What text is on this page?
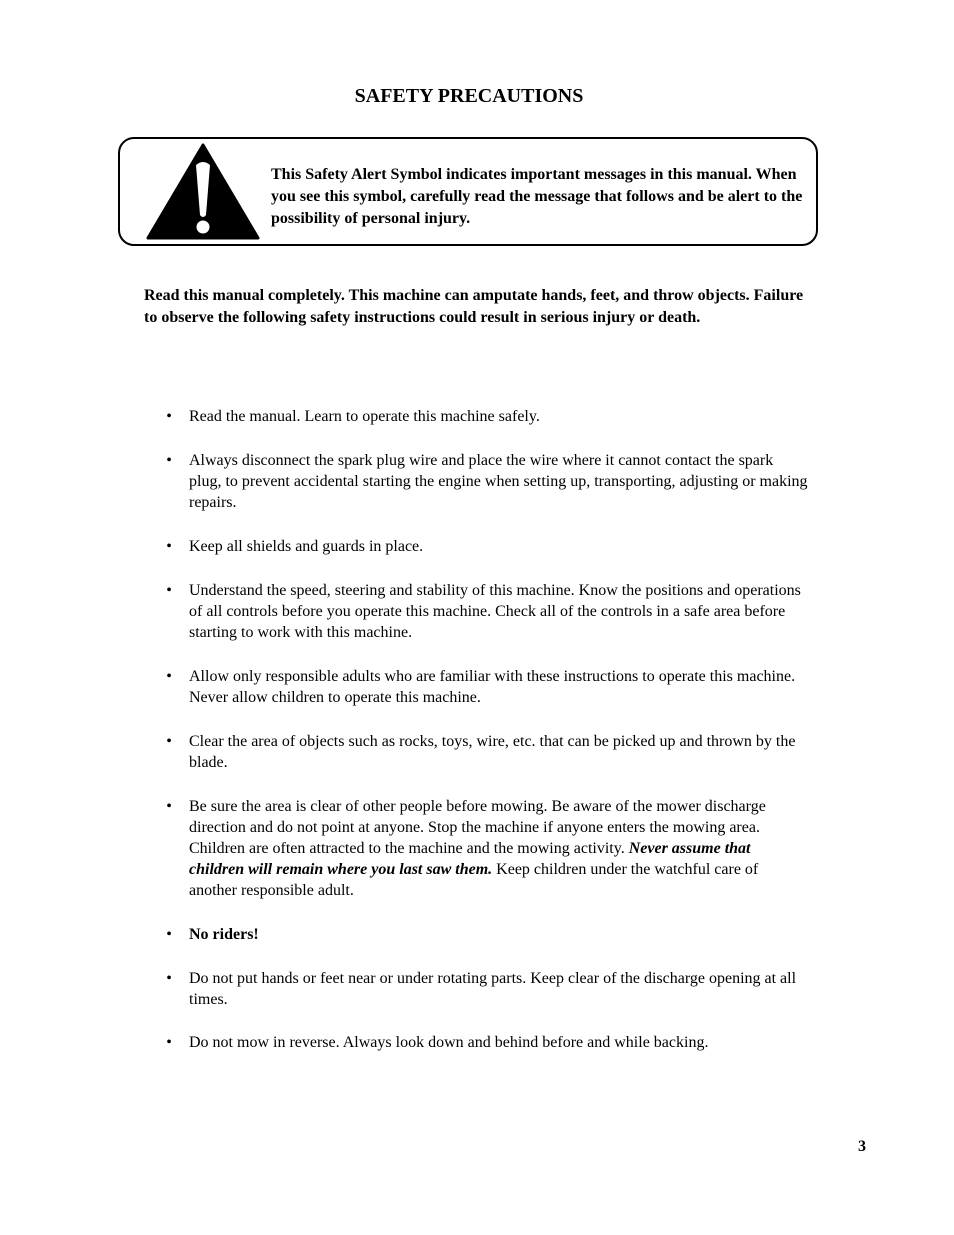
SAFETY PRECAUTIONS
This Safety Alert Symbol indicates important messages in this manual. When you see this symbol, carefully read the message that follows and be alert to the possibility of personal injury.
Read this manual completely. This machine can amputate hands, feet, and throw objects. Failure to observe the following safety instructions could result in serious injury or death.
• Read the manual. Learn to operate this machine safely.
• Always disconnect the spark plug wire and place the wire where it cannot contact the spark plug, to prevent accidental starting the engine when setting up, transporting, adjusting or making repairs.
• Keep all shields and guards in place.
• Understand the speed, steering and stability of this machine. Know the positions and operations of all controls before you operate this machine. Check all of the controls in a safe area before starting to work with this machine.
• Allow only responsible adults who are familiar with these instructions to operate this machine. Never allow children to operate this machine.
• Clear the area of objects such as rocks, toys, wire, etc. that can be picked up and thrown by the blade.
• Be sure the area is clear of other people before mowing. Be aware of the mower discharge direction and do not point at anyone. Stop the machine if anyone enters the mowing area. Children are often attracted to the machine and the mowing activity. Never assume that children will remain where you last saw them. Keep children under the watchful care of another responsible adult.
• No riders!
• Do not put hands or feet near or under rotating parts. Keep clear of the discharge opening at all times.
• Do not mow in reverse. Always look down and behind before and while backing.
3
